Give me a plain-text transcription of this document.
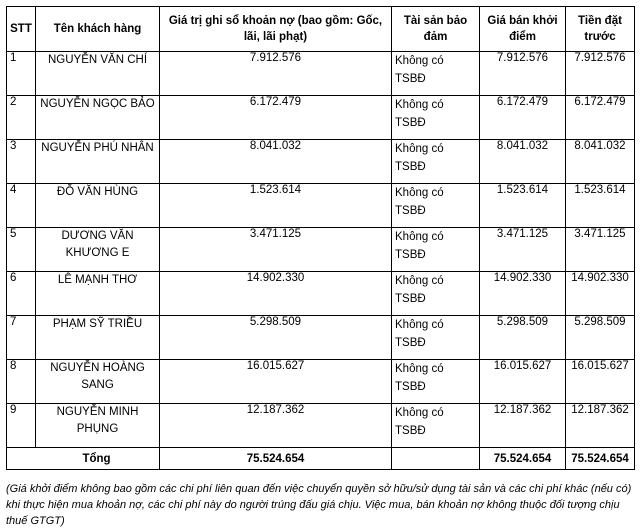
STT	Tên khách hàng	Giá trị ghi sổ khoản nợ (bao gồm: Gốc, lãi, lãi phạt)	Tài sản bảo đảm	Giá bán khởi điểm	Tiền đặt trước
1	NGUYỄN VĂN CHÍ	7.912.576	Không có TSBĐ	7.912.576	7.912.576
2	NGUYỄN NGỌC BẢO	6.172.479	Không có TSBĐ	6.172.479	6.172.479
3	NGUYỄN PHÚ NHÂN	8.041.032	Không có TSBĐ	8.041.032	8.041.032
4	ĐỖ VĂN HÙNG	1.523.614	Không có TSBĐ	1.523.614	1.523.614
5	DƯƠNG VĂN KHƯƠNG E	3.471.125	Không có TSBĐ	3.471.125	3.471.125
6	LÊ MẠNH THƠ	14.902.330	Không có TSBĐ	14.902.330	14.902.330
7	PHẠM SỸ TRIỀU	5.298.509	Không có TSBĐ	5.298.509	5.298.509
8	NGUYỄN HOÀNG SANG	16.015.627	Không có TSBĐ	16.015.627	16.015.627
9	NGUYỄN MINH PHỤNG	12.187.362	Không có TSBĐ	12.187.362	12.187.362
Tổng		75.524.654		75.524.654	75.524.654
(Giá khởi điểm không bao gồm các chi phí liên quan đến việc chuyển quyền sở hữu/sử dụng tài sản và các chi phí khác (nếu có) khi thực hiện mua khoản nợ, các chi phí này do người trúng đấu giá chịu. Việc mua, bán khoản nợ không thuộc đối tượng chịu thuế GTGT)
